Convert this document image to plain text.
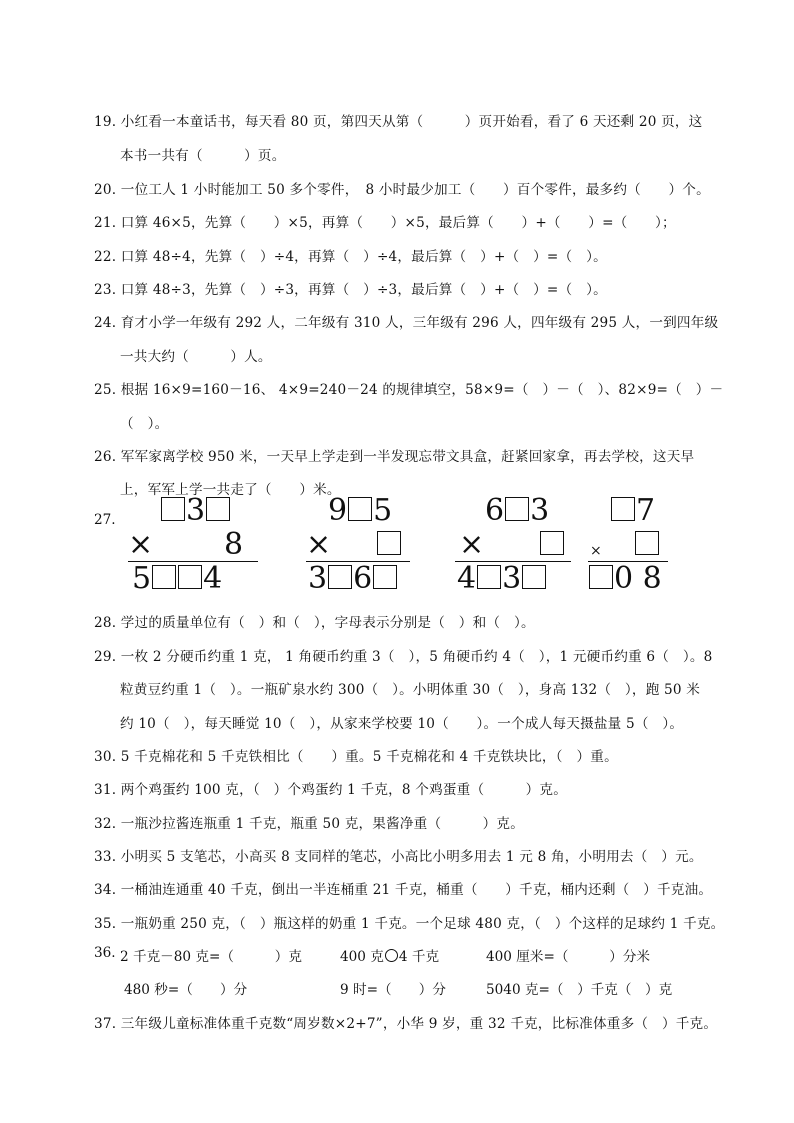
19. 小红看一本童话书，每天看 80 页，第四天从第（　　　）页开始看，看了 6 天还剩 20 页，这
本书一共有（　　　）页。
20. 一位工人 1 小时能加工 50 多个零件，　8 小时最少加工（　　）百个零件，最多约（　　）个。
21. 口算 46×5，先算（　　）×5，再算（　　）×5，最后算（　　）+（　　）=（　　）；
22. 口算 48÷4，先算（　）÷4，再算（　）÷4，最后算（　）+（　）=（　）。
23. 口算 48÷3，先算（　）÷3，再算（　）÷3，最后算（　）+（　）=（　）。
24. 育才小学一年级有 292 人，二年级有 310 人，三年级有 296 人，四年级有 295 人，一到四年级
一共大约（　　　）人。
25. 根据 16×9=160－16、 4×9=240－24 的规律填空，58×9=（　）－（　）、82×9=（　）－
（　）。
26. 军军家离学校 950 米，一天早上学走到一半发现忘带文具盒，赶紧回家拿，再去学校，这天早
上，军军上学一共走了（　　）米。
27.	3
× 8
5 4
9 5
×
3 6
6 3
×
4 3
7
×
0 8
28. 学过的质量单位有（　）和（　），字母表示分别是（　）和（　）。
29. 一枚 2 分硬币约重 1 克， 1 角硬币约重 3（　），5 角硬币约 4（　），1 元硬币约重 6（　）。8
粒黄豆约重 1（　）。一瓶矿泉水约 300（　）。小明体重 30（　），身高 132（　），跑 50 米
约 10（　），每天睡觉 10（　），从家来学校要 10（　　）。一个成人每天摄盐量 5（　）。
30. 5 千克棉花和 5 千克铁相比（　　）重。5 千克棉花和 4 千克铁块比，（　）重。
31. 两个鸡蛋约 100 克，（　）个鸡蛋约 1 千克，8 个鸡蛋重（　　　）克。
32. 一瓶沙拉酱连瓶重 1 千克，瓶重 50 克，果酱净重（　　　）克。
33. 小明买 5 支笔芯，小高买 8 支同样的笔芯，小高比小明多用去 1 元 8 角，小明用去（　）元。
34. 一桶油连通重 40 千克，倒出一半连桶重 21 千克，桶重（　　）千克，桶内还剩（　）千克油。
35. 一瓶奶重 250 克，（　）瓶这样的奶重 1 千克。一个足球 480 克，（　）个这样的足球约 1 千克。
36. 2 千克－80 克=（　　　）克	400 克 4 千克	400 厘米=（　　　）分米
480 秒=（　　）分	9 时=（　　）分	5040 克=（　）千克（　）克
37. 三年级儿童标准体重千克数“周岁数×2+7”，小华 9 岁，重 32 千克，比标准体重多（　）千克。
